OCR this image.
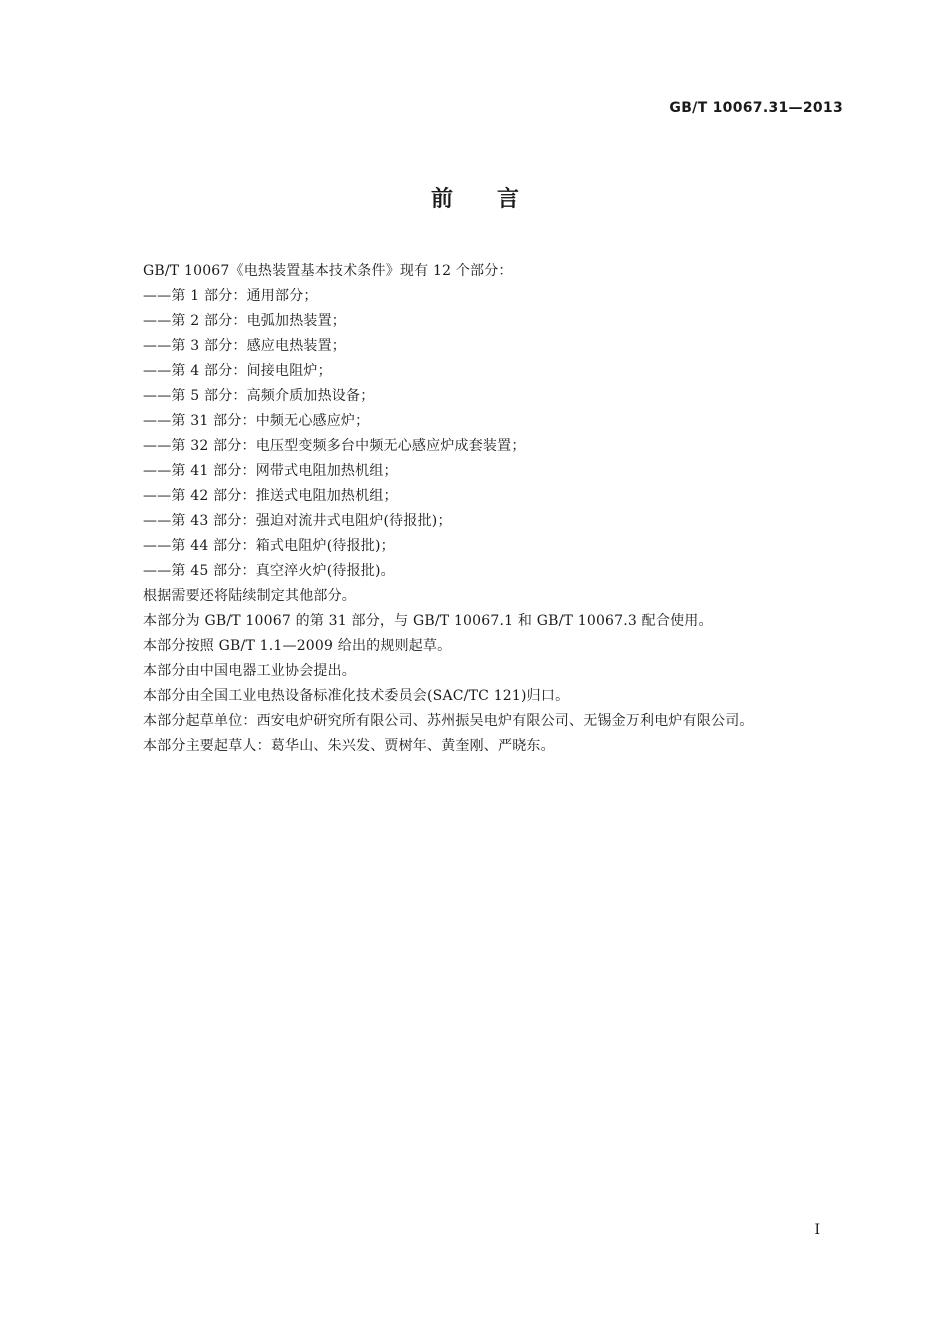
GB/T 10067.31—2013
前言
GB/T 10067《电热装置基本技术条件》现有 12 个部分：
——第 1 部分：通用部分；
——第 2 部分：电弧加热装置；
——第 3 部分：感应电热装置；
——第 4 部分：间接电阻炉；
——第 5 部分：高频介质加热设备；
——第 31 部分：中频无心感应炉；
——第 32 部分：电压型变频多台中频无心感应炉成套装置；
——第 41 部分：网带式电阻加热机组；
——第 42 部分：推送式电阻加热机组；
——第 43 部分：强迫对流井式电阻炉(待报批)；
——第 44 部分：箱式电阻炉(待报批)；
——第 45 部分：真空淬火炉(待报批)。
根据需要还将陆续制定其他部分。
本部分为 GB/T 10067 的第 31 部分，与 GB/T 10067.1 和 GB/T 10067.3 配合使用。
本部分按照 GB/T 1.1—2009 给出的规则起草。
本部分由中国电器工业协会提出。
本部分由全国工业电热设备标准化技术委员会(SAC/TC 121)归口。
本部分起草单位：西安电炉研究所有限公司、苏州振吴电炉有限公司、无锡金万利电炉有限公司。
本部分主要起草人：葛华山、朱兴发、贾树年、黄奎刚、严晓东。
I
